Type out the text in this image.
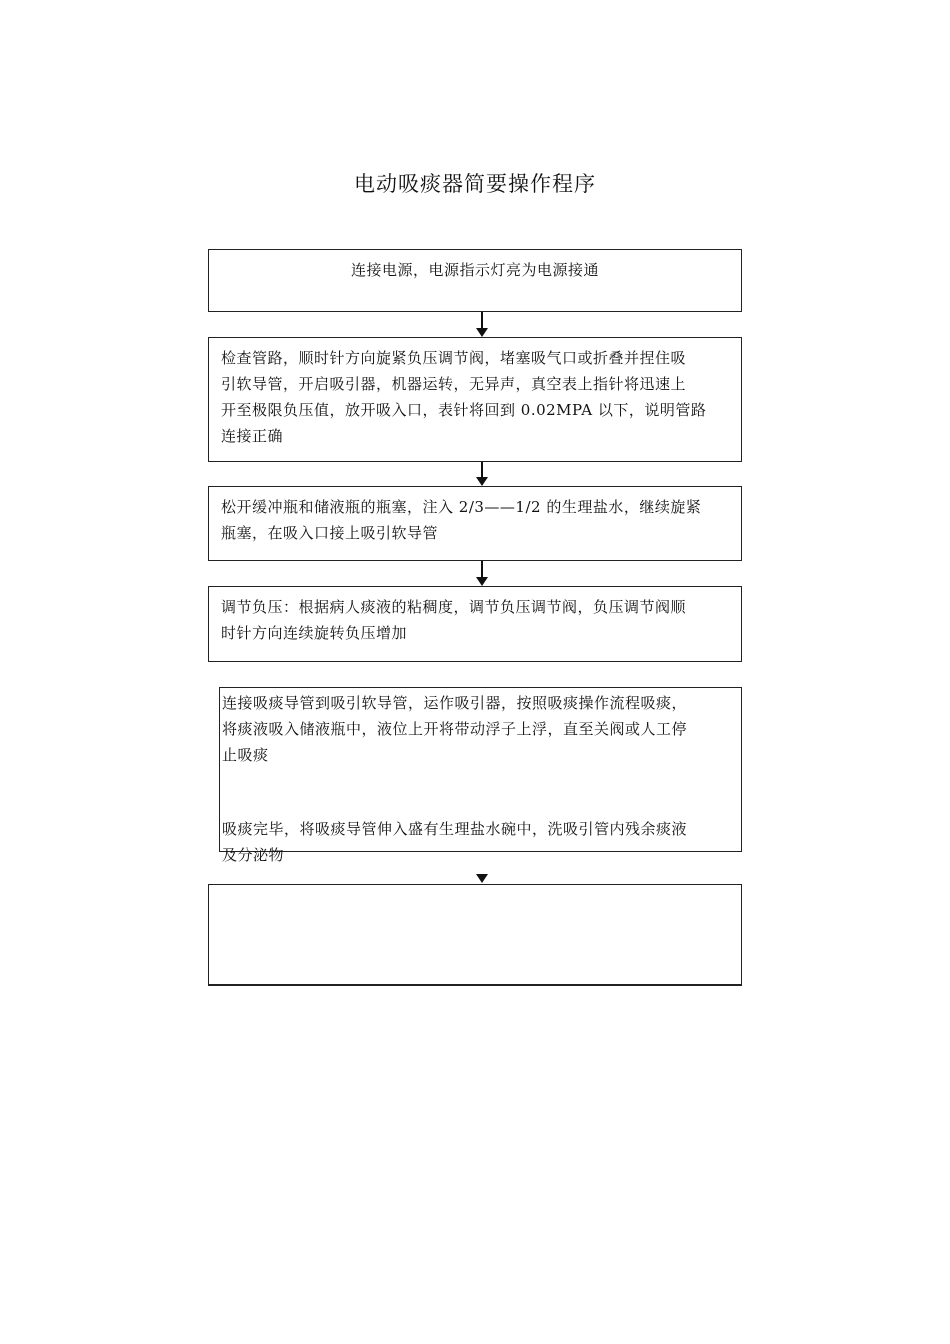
电动吸痰器简要操作程序
连接电源，电源指示灯亮为电源接通
检查管路，顺时针方向旋紧负压调节阀，堵塞吸气口或折叠并捏住吸
引软导管，开启吸引器，机器运转，无异声，真空表上指针将迅速上
开至极限负压值，放开吸入口，表针将回到 0.02MPA 以下，说明管路
连接正确
松开缓冲瓶和储液瓶的瓶塞，注入 2/3——1/2 的生理盐水，继续旋紧
瓶塞，在吸入口接上吸引软导管
调节负压：根据病人痰液的粘稠度，调节负压调节阀，负压调节阀顺
时针方向连续旋转负压增加
连接吸痰导管到吸引软导管，运作吸引器，按照吸痰操作流程吸痰，
将痰液吸入储液瓶中，液位上开将带动浮子上浮，直至关阀或人工停
止吸痰
吸痰完毕，将吸痰导管伸入盛有生理盐水碗中，洗吸引管内残余痰液
及分泌物
